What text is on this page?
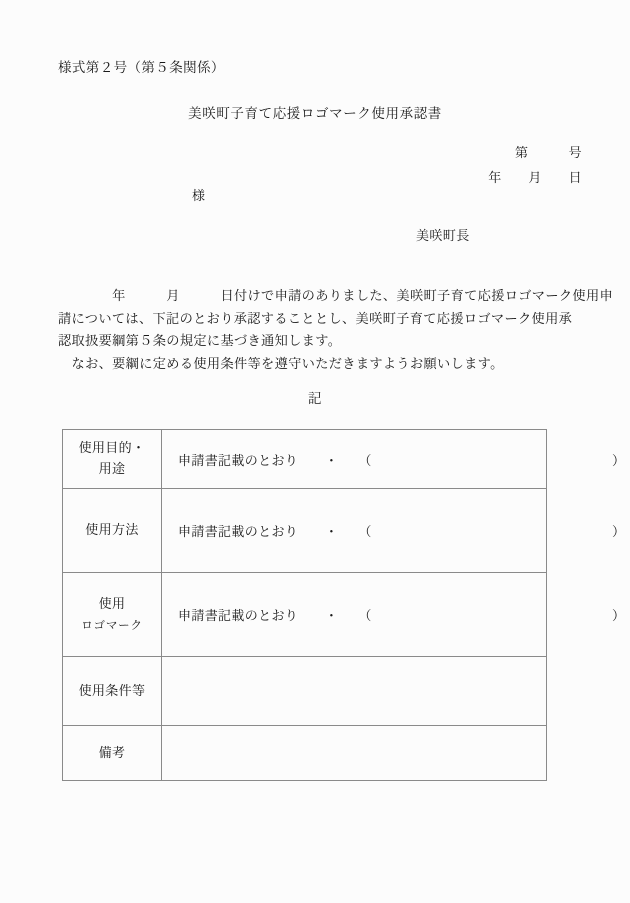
様式第２号（第５条関係）
美咲町子育て応援ロゴマーク使用承認書
第　　　号
年　　月　　日
様
美咲町長
　　　　年　　　月　　　日付けで申請のありました、美咲町子育て応援ロゴマーク使用申
請については、下記のとおり承認することとし、美咲町子育て応援ロゴマーク使用承
認取扱要綱第５条の規定に基づき通知します。
　なお、要綱に定める使用条件等を遵守いただきますようお願いします。
記
使用目的・
用途	申請書記載のとおり　　・　　（　　　　　　　　　　　　　　　　　　）

使用方法	申請書記載のとおり　　・　　（　　　　　　　　　　　　　　　　　　）

使用
ロゴマーク	申請書記載のとおり　　・　　（　　　　　　　　　　　　　　　　　　）

使用条件等	

備考	
